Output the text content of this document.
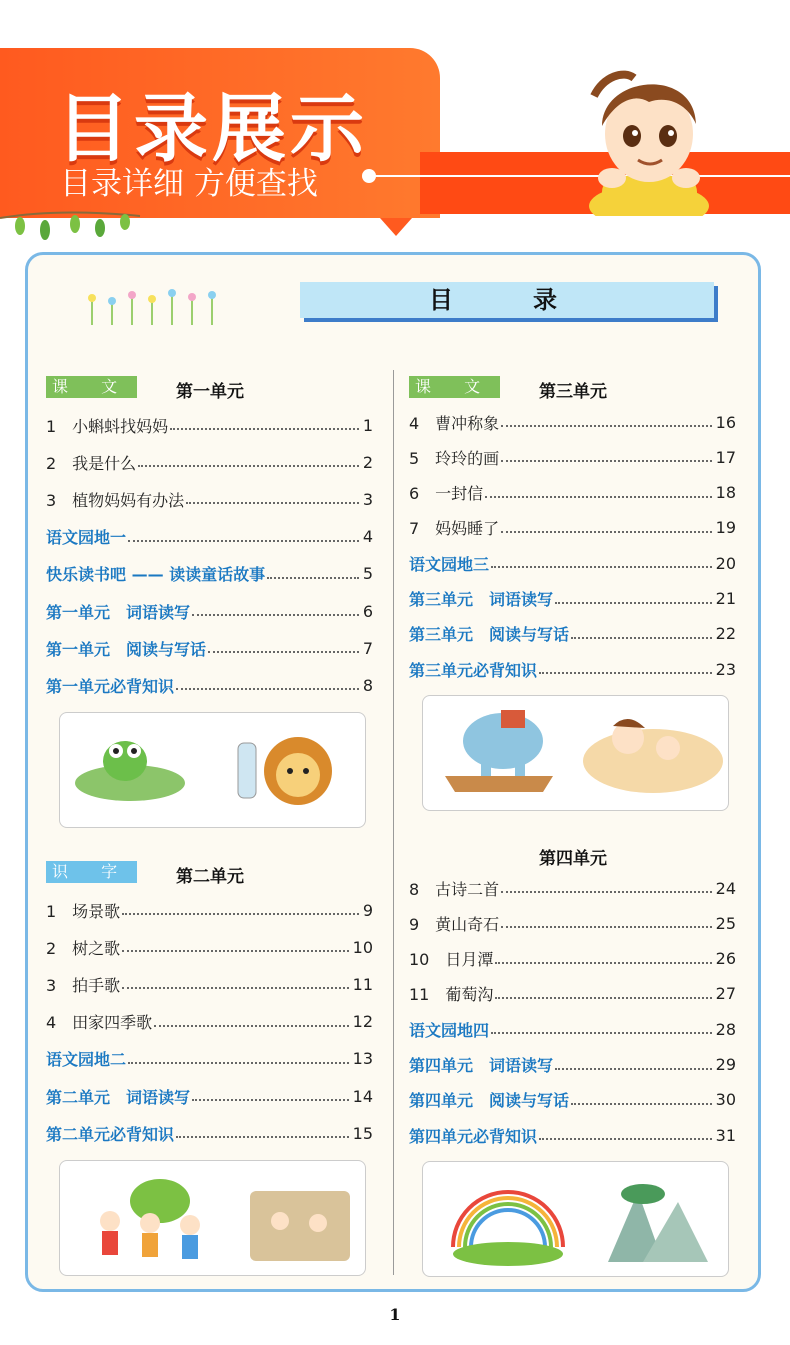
目录展示
目录详细 方便查找
目　录
课 文	第一单元
1　小蝌蚪找妈妈	1
2　我是什么	2
3　植物妈妈有办法	3
语文园地一	4
快乐读书吧 —— 读读童话故事	5
第一单元　词语读写	6
第一单元　阅读与写话	7
第一单元必背知识	8
识 字	第二单元
1　场景歌	9
2　树之歌	10
3　拍手歌	11
4　田家四季歌	12
语文园地二	13
第二单元　词语读写	14
第二单元必背知识	15
课 文	第三单元
4　曹冲称象	16
5　玲玲的画	17
6　一封信	18
7　妈妈睡了	19
语文园地三	20
第三单元　词语读写	21
第三单元　阅读与写话	22
第三单元必背知识	23
第四单元
8　古诗二首	24
9　黄山奇石	25
10　日月潭	26
11　葡萄沟	27
语文园地四	28
第四单元　词语读写	29
第四单元　阅读与写话	30
第四单元必背知识	31
1
